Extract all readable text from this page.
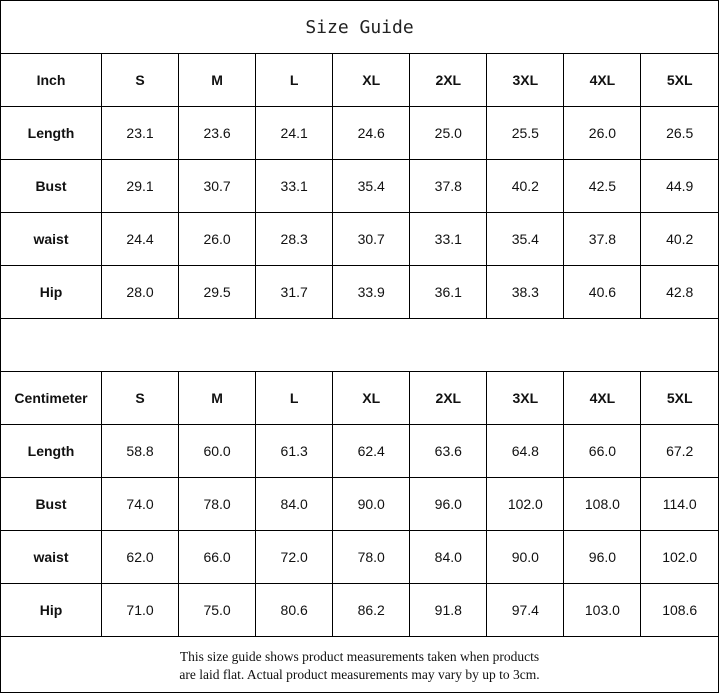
Size Guide
Inch	S	M	L	XL	2XL	3XL	4XL	5XL
Length	23.1	23.6	24.1	24.6	25.0	25.5	26.0	26.5
Bust	29.1	30.7	33.1	35.4	37.8	40.2	42.5	44.9
waist	24.4	26.0	28.3	30.7	33.1	35.4	37.8	40.2
Hip	28.0	29.5	31.7	33.9	36.1	38.3	40.6	42.8
Centimeter	S	M	L	XL	2XL	3XL	4XL	5XL
Length	58.8	60.0	61.3	62.4	63.6	64.8	66.0	67.2
Bust	74.0	78.0	84.0	90.0	96.0	102.0	108.0	114.0
waist	62.0	66.0	72.0	78.0	84.0	90.0	96.0	102.0
Hip	71.0	75.0	80.6	86.2	91.8	97.4	103.0	108.6
This size guide shows product measurements taken when products
are laid flat. Actual product measurements may vary by up to 3cm.
